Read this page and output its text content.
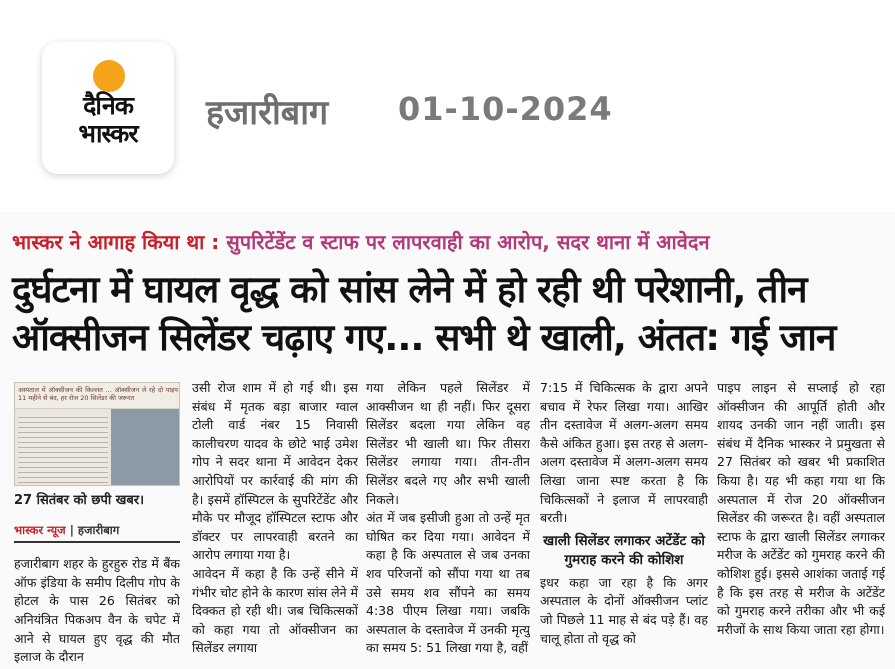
दैनिक
भास्कर
हजारीबाग 01-10-2024
भास्कर ने आगाह किया था : सुपरिटेंडेंट व स्टाफ पर लापरवाही का आरोप, सदर थाना में आवेदन
दुर्घटना में घायल वृद्ध को सांस लेने में हो रही थी परेशानी, तीन
ऑक्सीजन सिलेंडर चढ़ाए गए... सभी थे खाली, अंतत: गई जान
अस्पताल में ऑक्सीजन की किल्लत ... ऑक्सीजन ले रहे दो पाइप 11 महीने से बंद, हर रोज 20 सिलेंडर की जरूरत
27 सितंबर को छपी खबर।
भास्कर न्यूज | हजारीबाग
हजारीबाग शहर के हुरहुरु रोड में बैंक ऑफ इंडिया के समीप दिलीप गोप के होटल के पास 26 सितंबर को अनियंत्रित पिकअप वैन के चपेट में आने से घायल हुए वृद्ध की मौत इलाज के दौरान
उसी रोज शाम में हो गई थी। इस संबंध में मृतक बड़ा बाजार ग्वाल टोली वार्ड नंबर 15 निवासी कालीचरण यादव के छोटे भाई उमेश गोप ने सदर थाना में आवेदन देकर आरोपियों पर कार्रवाई की मांग की है। इसमें हॉस्पिटल के सुपरिटेंडेंट और मौके पर मौजूद हॉस्पिटल स्टाफ और डॉक्टर पर लापरवाही बरतने का आरोप लगाया गया है।
आवेदन में कहा है कि उन्हें सीने में गंभीर चोट होने के कारण सांस लेने में दिक्कत हो रही थी। जब चिकित्सकों को कहा गया तो ऑक्सीजन का सिलेंडर लगाया
गया लेकिन पहले सिलेंडर में आक्सीजन था ही नहीं। फिर दूसरा सिलेंडर बदला गया लेकिन वह सिलेंडर भी खाली था। फिर तीसरा सिलेंडर लगाया गया। तीन-तीन सिलेंडर बदले गए और सभी खाली निकले।
अंत में जब इसीजी हुआ तो उन्हें मृत घोषित कर दिया गया। आवेदन में कहा है कि अस्पताल से जब उनका शव परिजनों को सौंपा गया था तब उसे समय शव सौंपने का समय 4:38 पीएम लिखा गया। जबकि अस्पताल के दस्तावेज में उनकी मृत्यु का समय 5: 51 लिखा गया है, वहीं
7:15 में चिकित्सक के द्वारा अपने बचाव में रेफर लिखा गया। आखिर तीन दस्तावेज में अलग-अलग समय कैसे अंकित हुआ। इस तरह से अलग-अलग दस्तावेज में अलग-अलग समय लिखा जाना स्पष्ट करता है कि चिकित्सकों ने इलाज में लापरवाही बरती।
खाली सिलेंडर लगाकर अटेंडेंट को गुमराह करने की कोशिश
इधर कहा जा रहा है कि अगर अस्पताल के दोनों ऑक्सीजन प्लांट जो पिछले 11 माह से बंद पड़े हैं। वह चालू होता तो वृद्ध को
पाइप लाइन से सप्लाई हो रहा ऑक्सीजन की आपूर्ति होती और शायद उनकी जान नहीं जाती। इस संबंध में दैनिक भास्कर ने प्रमुखता से 27 सितंबर को खबर भी प्रकाशित किया है। यह भी कहा गया था कि अस्पताल में रोज 20 ऑक्सीजन सिलेंडर की जरूरत है। वहीं अस्पताल स्टाफ के द्वारा खाली सिलेंडर लगाकर मरीज के अटेंडेंट को गुमराह करने की कोशिश हुई। इससे आशंका जताई गई है कि इस तरह से मरीज के अटेंडेंट को गुमराह करने तरीका और भी कई मरीजों के साथ किया जाता रहा होगा।
